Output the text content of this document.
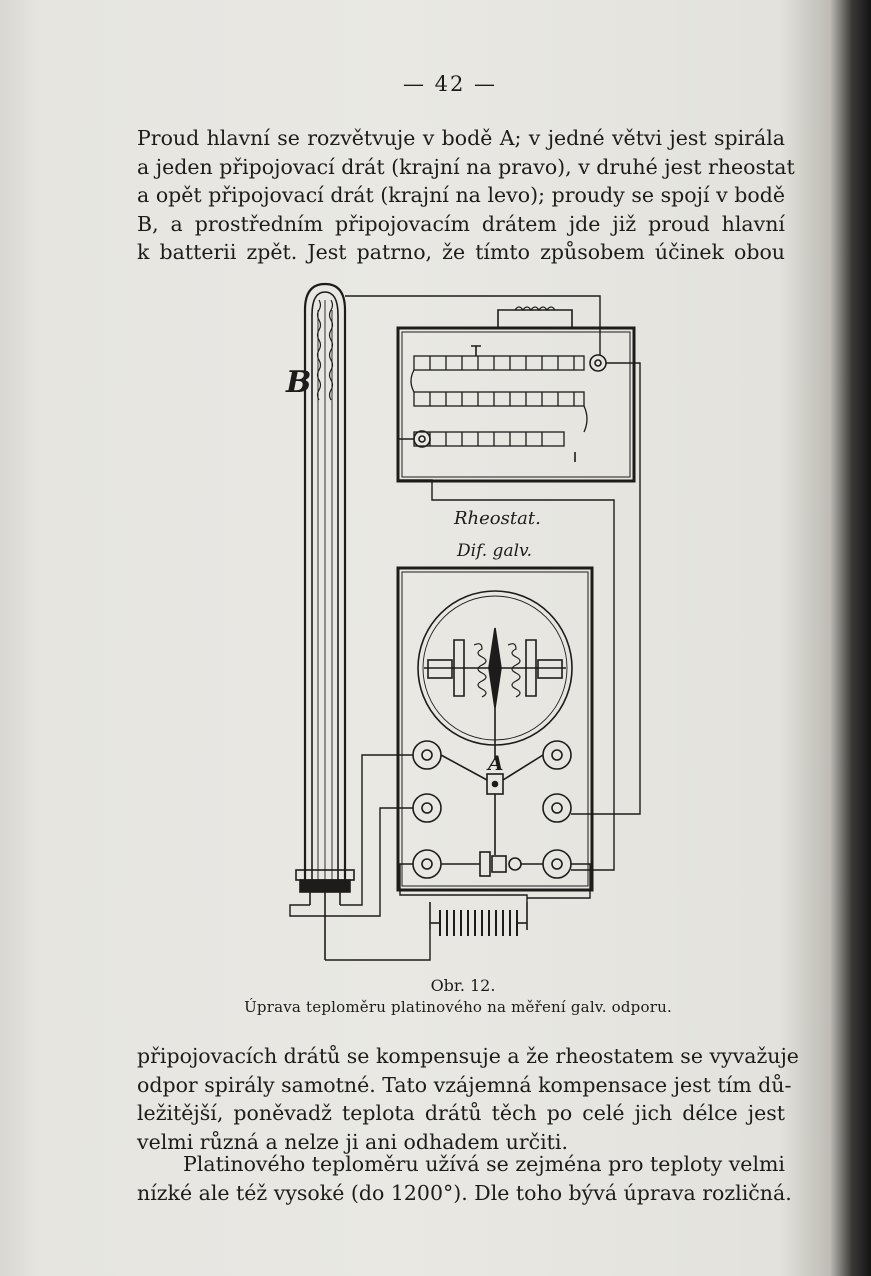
— 42 —
Proud hlavní se rozvětvuje v bodě A; v jedné větvi jest spirála
a jeden připojovací drát (krajní na pravo), v druhé jest rheostat
a opět připojovací drát (krajní na levo); proudy se spojí v bodě
B, a prostředním připojovacím drátem jde již proud hlavní
k batterii zpět. Jest patrno, že tímto způsobem účinek obou
B
Rheostat.
Dif. galv.
A
Obr. 12.
Úprava teploměru platinového na měření galv. odporu.
připojovacích drátů se kompensuje a že rheostatem se vyvažuje
odpor spirály samotné. Tato vzájemná kompensace jest tím dů-
ležitější, poněvadž teplota drátů těch po celé jich délce jest
velmi různá a nelze ji ani odhadem určiti.
Platinového teploměru užívá se zejména pro teploty velmi
nízké ale též vysoké (do 1200°). Dle toho bývá úprava rozličná.
